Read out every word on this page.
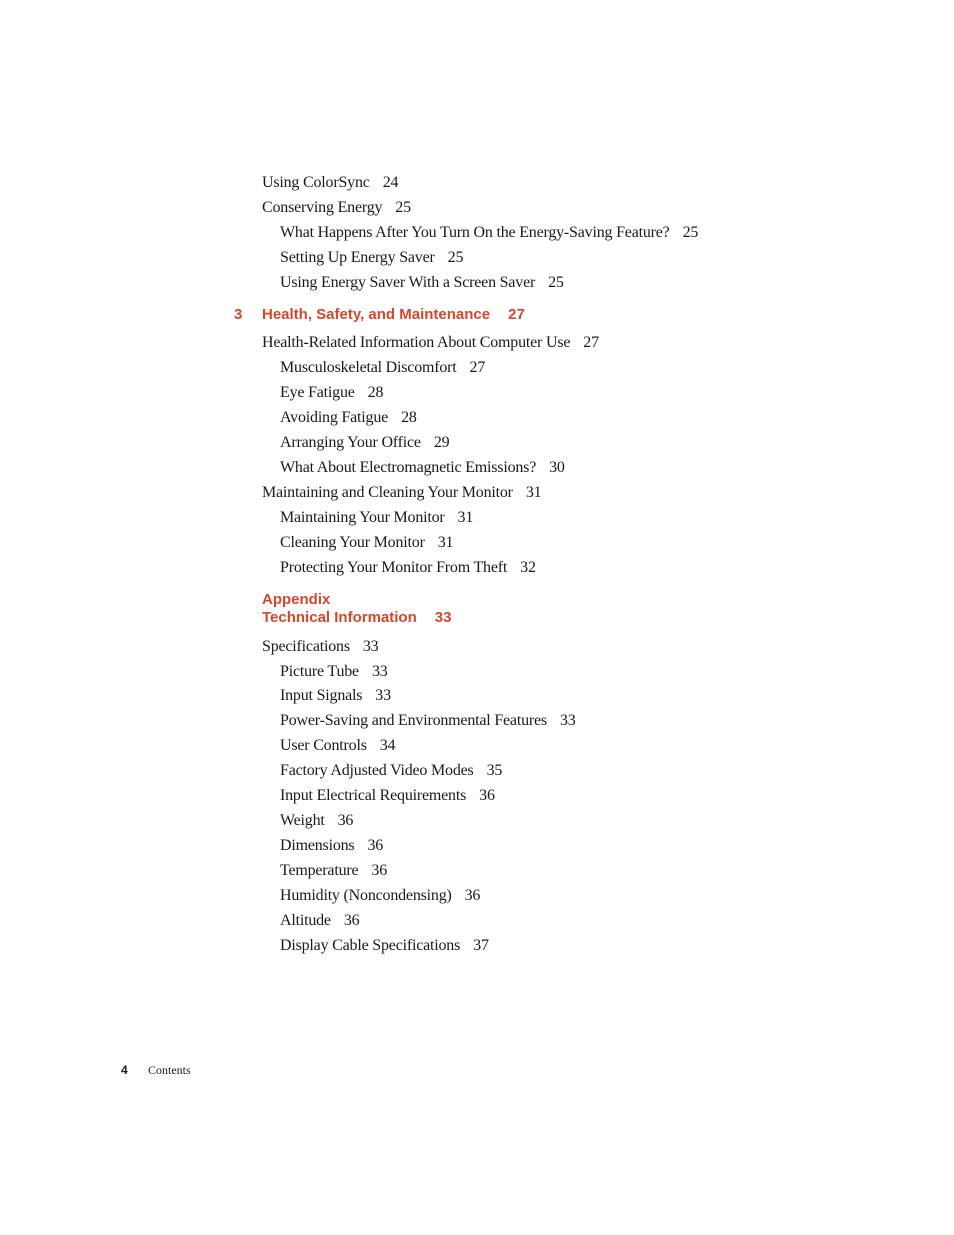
Using ColorSync 24
Conserving Energy 25
What Happens After You Turn On the Energy-Saving Feature? 25
Setting Up Energy Saver 25
Using Energy Saver With a Screen Saver 25
3 Health, Safety, and Maintenance 27
Health-Related Information About Computer Use 27
Musculoskeletal Discomfort 27
Eye Fatigue 28
Avoiding Fatigue 28
Arranging Your Office 29
What About Electromagnetic Emissions? 30
Maintaining and Cleaning Your Monitor 31
Maintaining Your Monitor 31
Cleaning Your Monitor 31
Protecting Your Monitor From Theft 32
Appendix
Technical Information 33
Specifications 33
Picture Tube 33
Input Signals 33
Power-Saving and Environmental Features 33
User Controls 34
Factory Adjusted Video Modes 35
Input Electrical Requirements 36
Weight 36
Dimensions 36
Temperature 36
Humidity (Noncondensing) 36
Altitude 36
Display Cable Specifications 37
4 Contents
